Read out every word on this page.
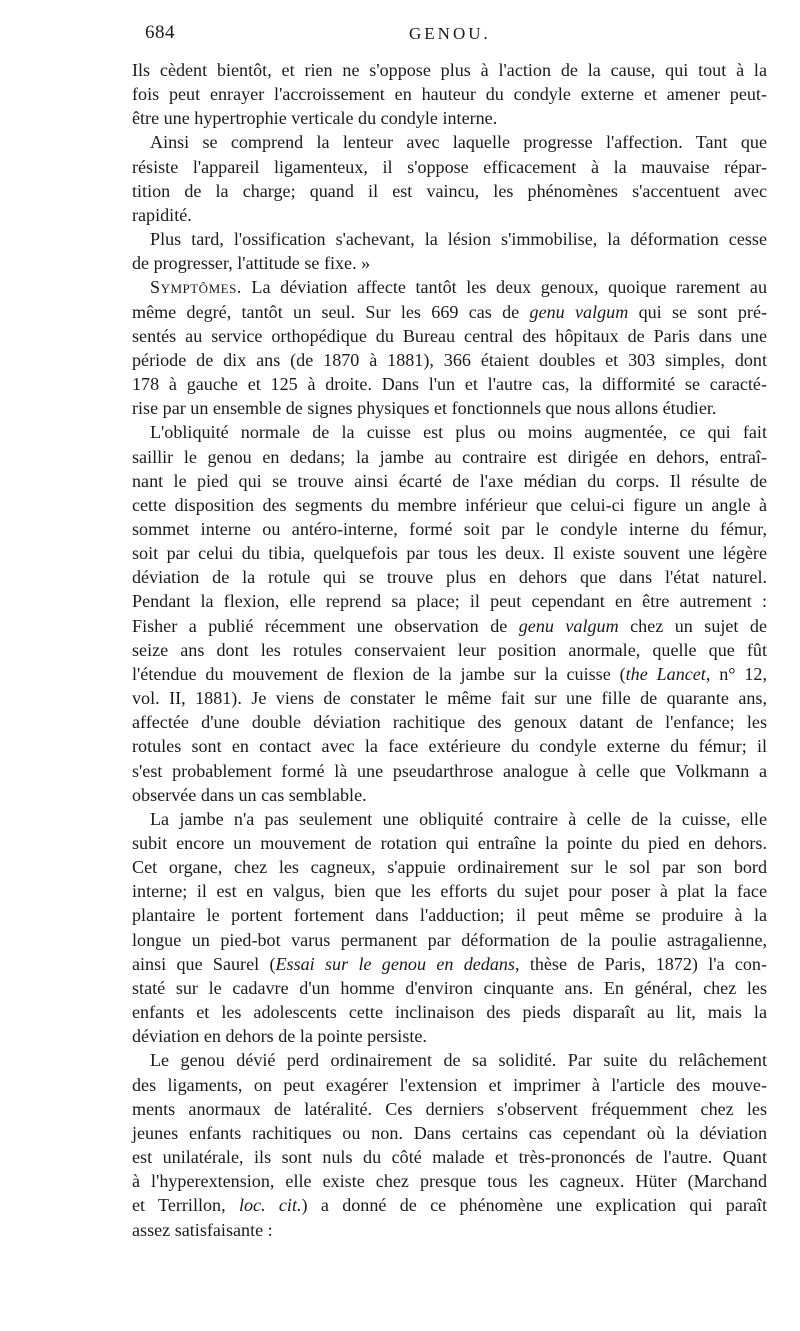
684	GENOU.
Ils cèdent bientôt, et rien ne s'oppose plus à l'action de la cause, qui tout à la
fois peut enrayer l'accroissement en hauteur du condyle externe et amener peut-
être une hypertrophie verticale du condyle interne.
Ainsi se comprend la lenteur avec laquelle progresse l'affection. Tant que
résiste l'appareil ligamenteux, il s'oppose efficacement à la mauvaise répar-
tition de la charge; quand il est vaincu, les phénomènes s'accentuent avec
rapidité.
Plus tard, l'ossification s'achevant, la lésion s'immobilise, la déformation cesse
de progresser, l'attitude se fixe. »
Symptômes. La déviation affecte tantôt les deux genoux, quoique rarement au
même degré, tantôt un seul. Sur les 669 cas de genu valgum qui se sont pré-
sentés au service orthopédique du Bureau central des hôpitaux de Paris dans une
période de dix ans (de 1870 à 1881), 366 étaient doubles et 303 simples, dont
178 à gauche et 125 à droite. Dans l'un et l'autre cas, la difformité se caracté-
rise par un ensemble de signes physiques et fonctionnels que nous allons étudier.
L'obliquité normale de la cuisse est plus ou moins augmentée, ce qui fait
saillir le genou en dedans; la jambe au contraire est dirigée en dehors, entraî-
nant le pied qui se trouve ainsi écarté de l'axe médian du corps. Il résulte de
cette disposition des segments du membre inférieur que celui-ci figure un angle à
sommet interne ou antéro-interne, formé soit par le condyle interne du fémur,
soit par celui du tibia, quelquefois par tous les deux. Il existe souvent une légère
déviation de la rotule qui se trouve plus en dehors que dans l'état naturel.
Pendant la flexion, elle reprend sa place; il peut cependant en être autrement :
Fisher a publié récemment une observation de genu valgum chez un sujet de
seize ans dont les rotules conservaient leur position anormale, quelle que fût
l'étendue du mouvement de flexion de la jambe sur la cuisse (the Lancet, n° 12,
vol. II, 1881). Je viens de constater le même fait sur une fille de quarante ans,
affectée d'une double déviation rachitique des genoux datant de l'enfance; les
rotules sont en contact avec la face extérieure du condyle externe du fémur; il
s'est probablement formé là une pseudarthrose analogue à celle que Volkmann a
observée dans un cas semblable.
La jambe n'a pas seulement une obliquité contraire à celle de la cuisse, elle
subit encore un mouvement de rotation qui entraîne la pointe du pied en dehors.
Cet organe, chez les cagneux, s'appuie ordinairement sur le sol par son bord
interne; il est en valgus, bien que les efforts du sujet pour poser à plat la face
plantaire le portent fortement dans l'adduction; il peut même se produire à la
longue un pied-bot varus permanent par déformation de la poulie astragalienne,
ainsi que Saurel (Essai sur le genou en dedans, thèse de Paris, 1872) l'a con-
staté sur le cadavre d'un homme d'environ cinquante ans. En général, chez les
enfants et les adolescents cette inclinaison des pieds disparaît au lit, mais la
déviation en dehors de la pointe persiste.
Le genou dévié perd ordinairement de sa solidité. Par suite du relâchement
des ligaments, on peut exagérer l'extension et imprimer à l'article des mouve-
ments anormaux de latéralité. Ces derniers s'observent fréquemment chez les
jeunes enfants rachitiques ou non. Dans certains cas cependant où la déviation
est unilatérale, ils sont nuls du côté malade et très-prononcés de l'autre. Quant
à l'hyperextension, elle existe chez presque tous les cagneux. Hüter (Marchand
et Terrillon, loc. cit.) a donné de ce phénomène une explication qui paraît
assez satisfaisante :
